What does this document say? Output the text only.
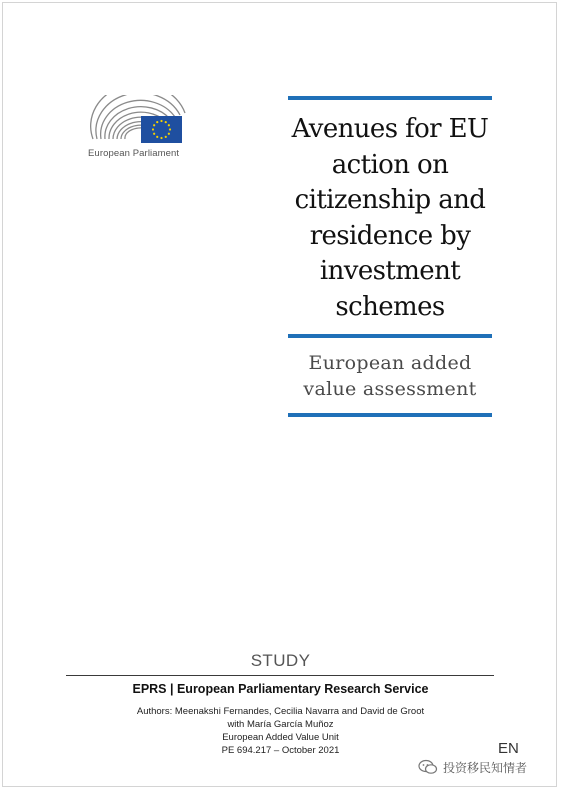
European Parliament
Avenues for EU
action on
citizenship and
residence by
investment
schemes
European added
value assessment
STUDY
EPRS | European Parliamentary Research Service
Authors: Meenakshi Fernandes, Cecilia Navarra and David de Groot
with María García Muñoz
European Added Value Unit
PE 694.217 – October 2021	EN
投资移民知情者
